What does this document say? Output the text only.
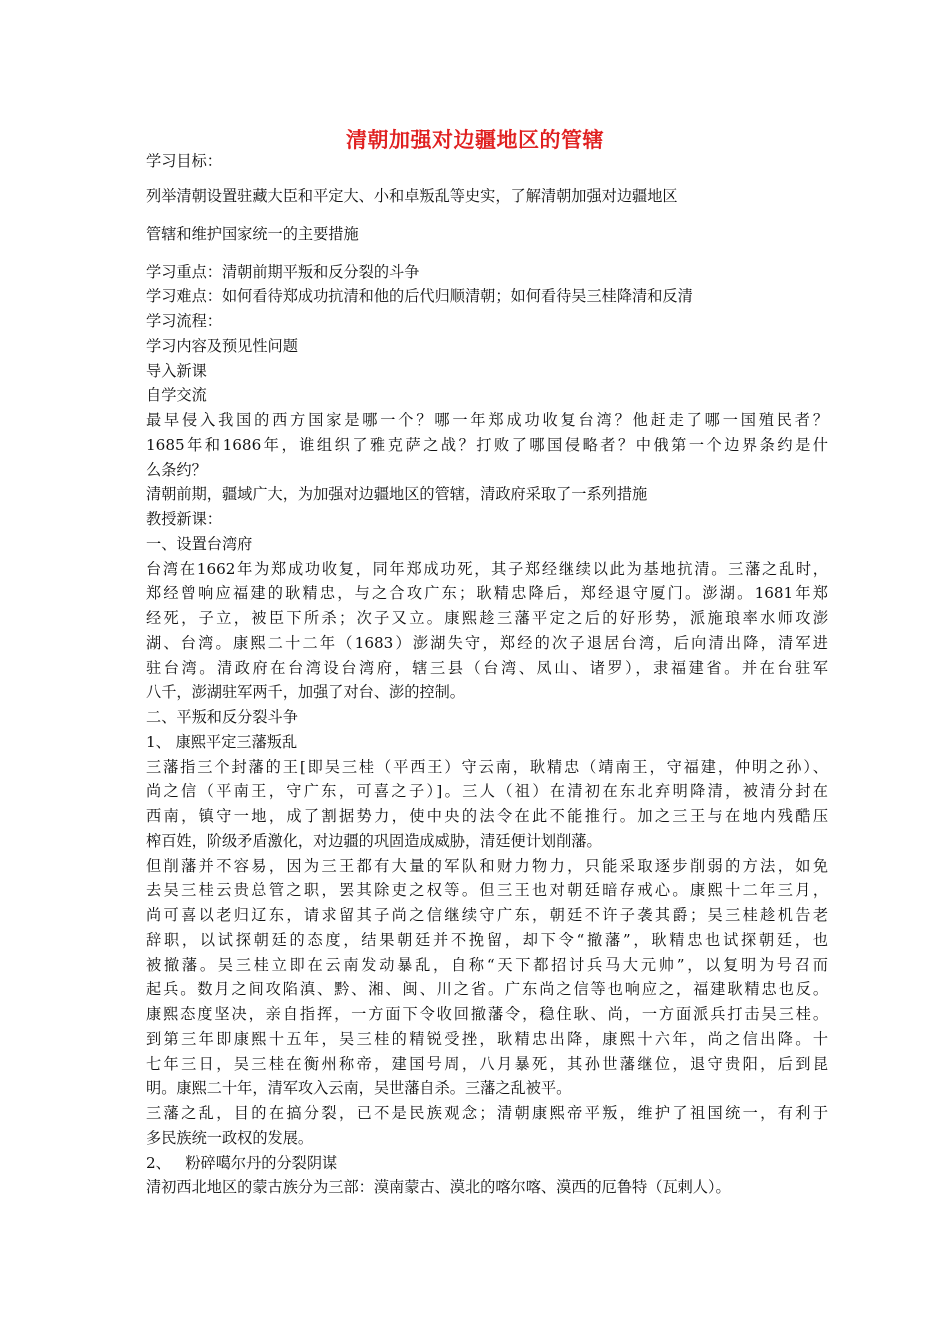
清朝加强对边疆地区的管辖
学习目标：
列举清朝设置驻藏大臣和平定大、小和卓叛乱等史实，了解清朝加强对边疆地区
管辖和维护国家统一的主要措施
学习重点：清朝前期平叛和反分裂的斗争
学习难点：如何看待郑成功抗清和他的后代归顺清朝；如何看待吴三桂降清和反清
学习流程：
学习内容及预见性问题
导入新课
自学交流
最早侵入我国的西方国家是哪一个？哪一年郑成功收复台湾？他赶走了哪一国殖民者？
1685年和1686年，谁组织了雅克萨之战？打败了哪国侵略者？中俄第一个边界条约是什
么条约？
清朝前期，疆域广大，为加强对边疆地区的管辖，清政府采取了一系列措施
教授新课：
一、设置台湾府
台湾在1662年为郑成功收复，同年郑成功死，其子郑经继续以此为基地抗清。三藩之乱时，
郑经曾响应福建的耿精忠，与之合攻广东；耿精忠降后，郑经退守厦门。澎湖。1681年郑
经死，子立，被臣下所杀；次子又立。康熙趁三藩平定之后的好形势，派施琅率水师攻澎
湖、台湾。康熙二十二年（1683）澎湖失守，郑经的次子退居台湾，后向清出降，清军进
驻台湾。清政府在台湾设台湾府，辖三县（台湾、凤山、诸罗），隶福建省。并在台驻军
八千，澎湖驻军两千，加强了对台、澎的控制。
二、平叛和反分裂斗争
1、 康熙平定三藩叛乱
三藩指三个封藩的王[即吴三桂（平西王）守云南，耿精忠（靖南王，守福建，仲明之孙）、
尚之信（平南王，守广东，可喜之子）]。三人（祖）在清初在东北弃明降清，被清分封在
西南，镇守一地，成了割据势力，使中央的法令在此不能推行。加之三王与在地内残酷压
榨百姓，阶级矛盾激化，对边疆的巩固造成威胁，清廷便计划削藩。
但削藩并不容易，因为三王都有大量的军队和财力物力，只能采取逐步削弱的方法，如免
去吴三桂云贵总管之职，罢其除吏之权等。但三王也对朝廷暗存戒心。康熙十二年三月，
尚可喜以老归辽东，请求留其子尚之信继续守广东，朝廷不许子袭其爵；吴三桂趁机告老
辞职，以试探朝廷的态度，结果朝廷并不挽留，却下令“撤藩”，耿精忠也试探朝廷，也
被撤藩。吴三桂立即在云南发动暴乱，自称“天下都招讨兵马大元帅”，以复明为号召而
起兵。数月之间攻陷滇、黔、湘、闽、川之省。广东尚之信等也响应之，福建耿精忠也反。
康熙态度坚决，亲自指挥，一方面下令收回撤藩令，稳住耿、尚，一方面派兵打击吴三桂。
到第三年即康熙十五年，吴三桂的精锐受挫，耿精忠出降，康熙十六年，尚之信出降。十
七年三日，吴三桂在衡州称帝，建国号周，八月暴死，其孙世藩继位，退守贵阳，后到昆
明。康熙二十年，清军攻入云南，吴世藩自杀。三藩之乱被平。
三藩之乱，目的在搞分裂，已不是民族观念；清朝康熙帝平叛，维护了祖国统一，有利于
多民族统一政权的发展。
2、   粉碎噶尔丹的分裂阴谋
清初西北地区的蒙古族分为三部：漠南蒙古、漠北的喀尔喀、漠西的厄鲁特（瓦剌人）。
